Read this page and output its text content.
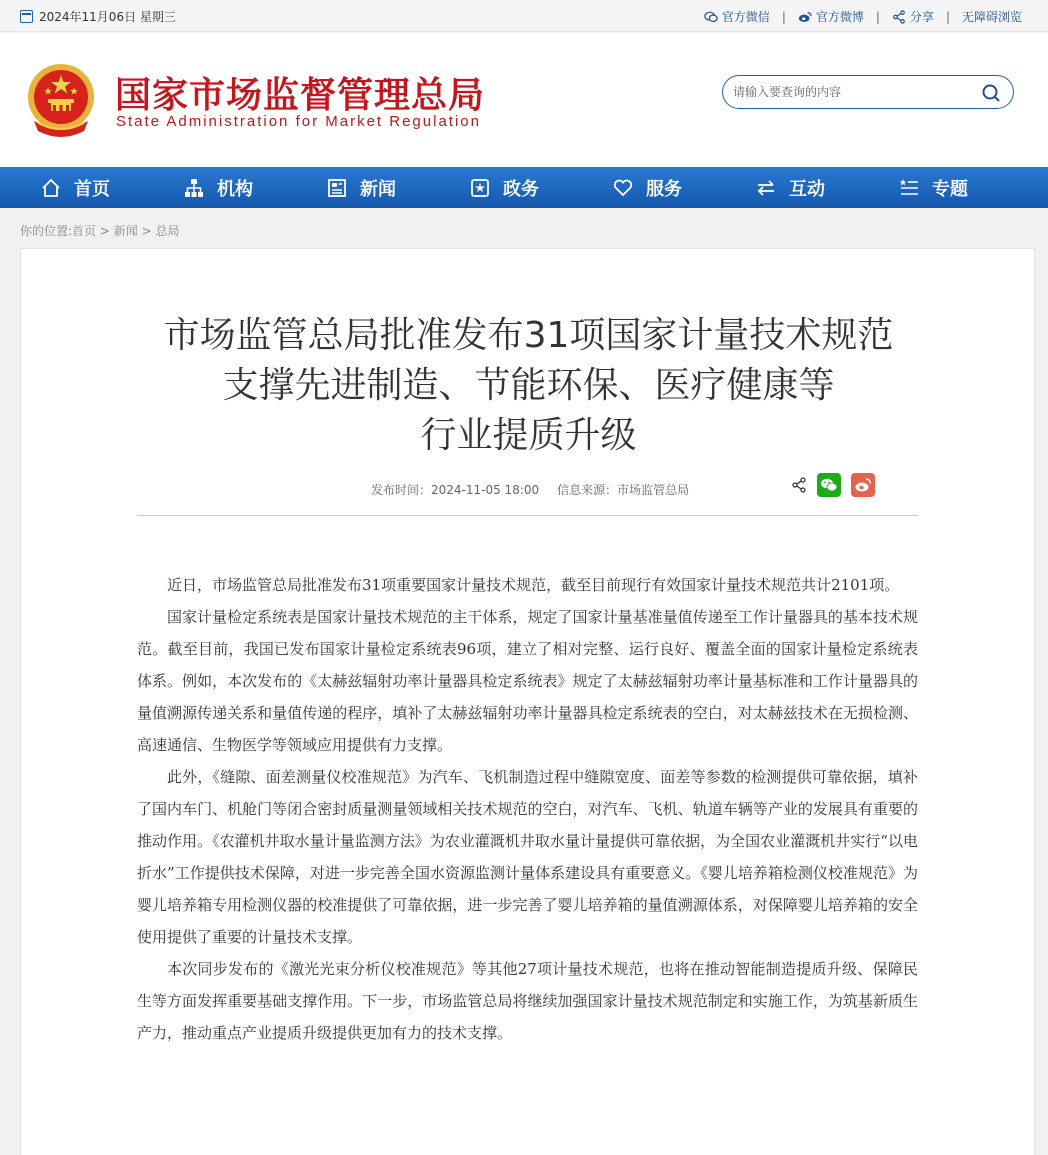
2024年11月06日 星期三	官方微信 |	官方微博 |	分享 | 无障碍浏览
国家市场监督管理总局
State Administration for Market Regulation
请输入要查询的内容
首页	机构	新闻	政务	服务	互动	专题
你的位置:首页 > 新闻 > 总局
市场监管总局批准发布31项国家计量技术规范
支撑先进制造、节能环保、医疗健康等
行业提质升级
发布时间：2024-11-05 18:00 信息来源：市场监管总局

近日，市场监管总局批准发布31项重要国家计量技术规范，截至目前现行有效国家计量技术规范共计2101项。

国家计量检定系统表是国家计量技术规范的主干体系，规定了国家计量基准量值传递至工作计量器具的基本技术规范。截至目前，我国已发布国家计量检定系统表96项，建立了相对完整、运行良好、覆盖全面的国家计量检定系统表体系。例如，本次发布的《太赫兹辐射功率计量器具检定系统表》规定了太赫兹辐射功率计量基标准和工作计量器具的量值溯源传递关系和量值传递的程序，填补了太赫兹辐射功率计量器具检定系统表的空白，对太赫兹技术在无损检测、高速通信、生物医学等领域应用提供有力支撑。

此外，《缝隙、面差测量仪校准规范》为汽车、飞机制造过程中缝隙宽度、面差等参数的检测提供可靠依据，填补了国内车门、机舱门等闭合密封质量测量领域相关技术规范的空白，对汽车、飞机、轨道车辆等产业的发展具有重要的推动作用。《农灌机井取水量计量监测方法》为农业灌溉机井取水量计量提供可靠依据，为全国农业灌溉机井实行“以电折水”工作提供技术保障，对进一步完善全国水资源监测计量体系建设具有重要意义。《婴儿培养箱检测仪校准规范》为婴儿培养箱专用检测仪器的校准提供了可靠依据，进一步完善了婴儿培养箱的量值溯源体系，对保障婴儿培养箱的安全使用提供了重要的计量技术支撑。

本次同步发布的《激光光束分析仪校准规范》等其他27项计量技术规范，也将在推动智能制造提质升级、保障民生等方面发挥重要基础支撑作用。下一步，市场监管总局将继续加强国家计量技术规范制定和实施工作，为筑基新质生产力，推动重点产业提质升级提供更加有力的技术支撑。
